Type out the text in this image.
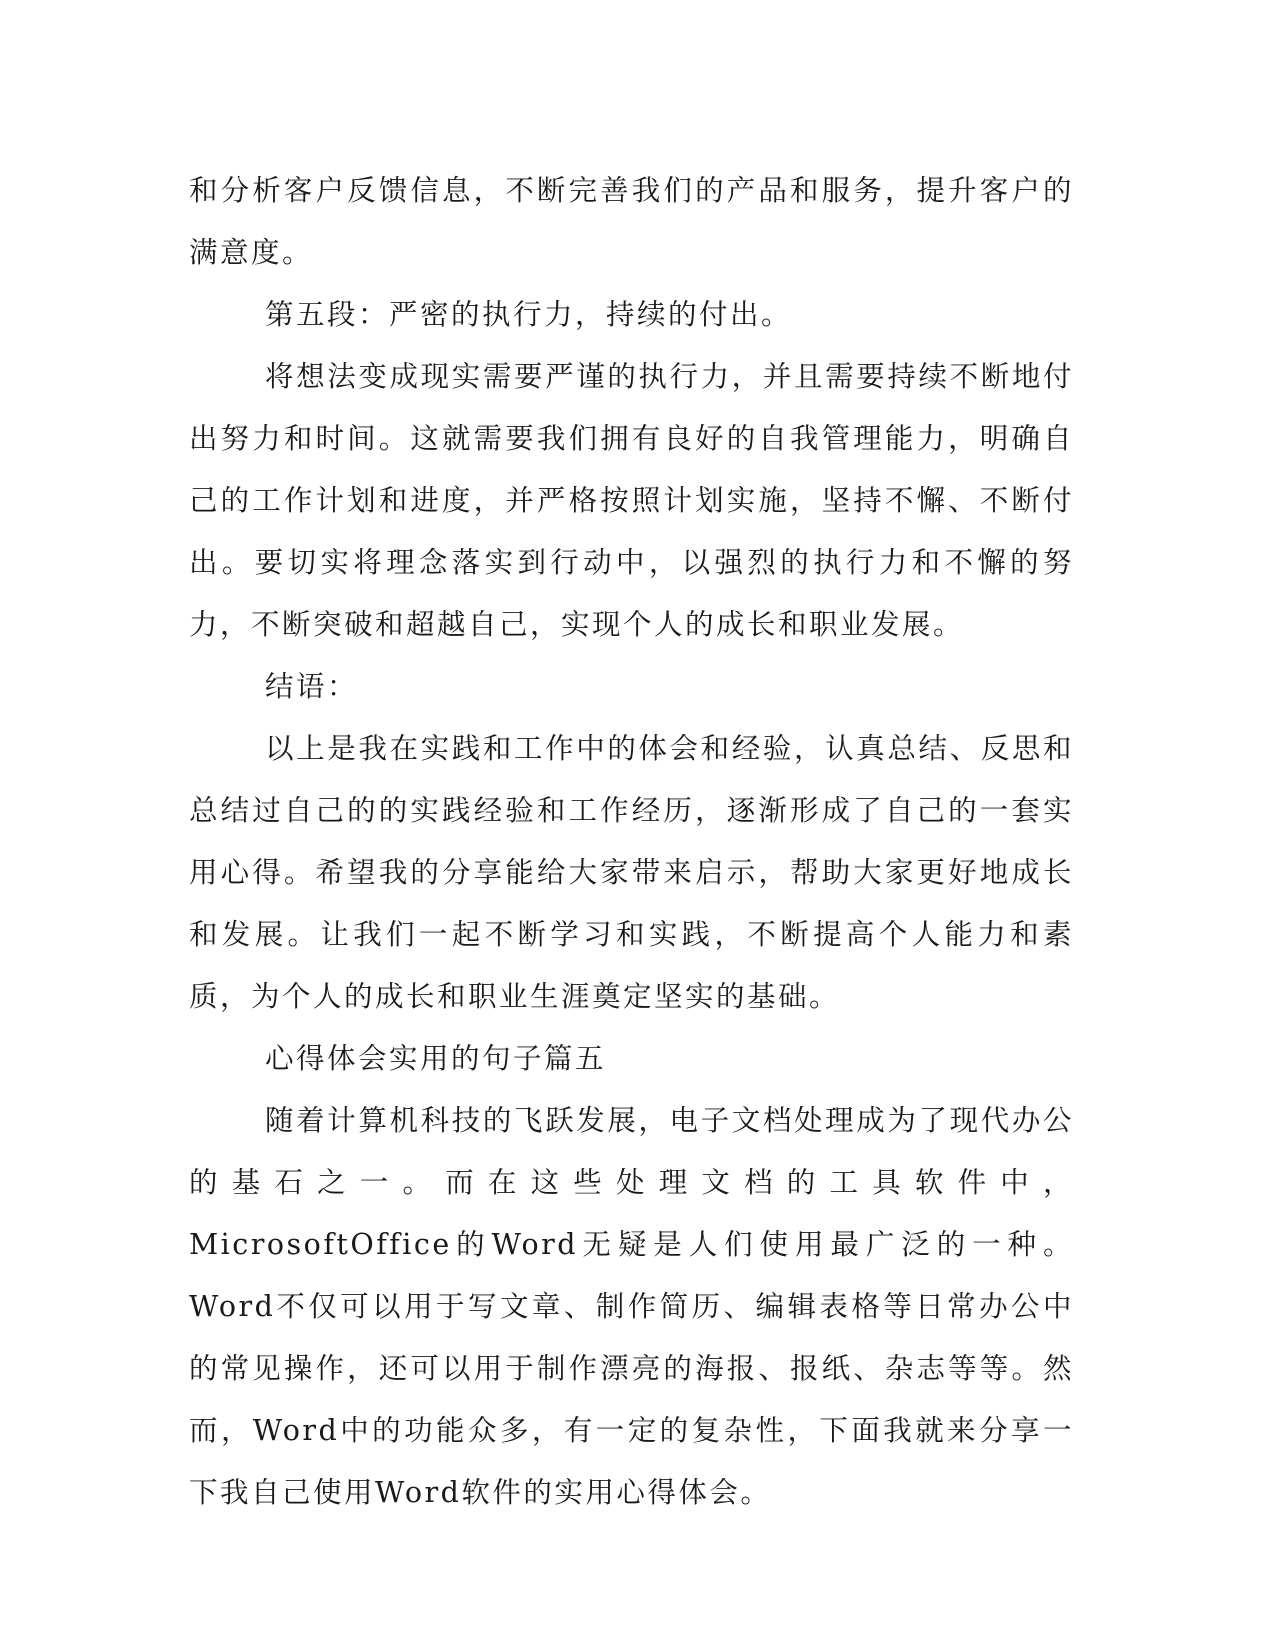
和分析客户反馈信息，不断完善我们的产品和服务，提升客户的满意度。

第五段：严密的执行力，持续的付出。

将想法变成现实需要严谨的执行力，并且需要持续不断地付出努力和时间。这就需要我们拥有良好的自我管理能力，明确自己的工作计划和进度，并严格按照计划实施，坚持不懈、不断付出。要切实将理念落实到行动中，以强烈的执行力和不懈的努力，不断突破和超越自己，实现个人的成长和职业发展。

结语：

以上是我在实践和工作中的体会和经验，认真总结、反思和总结过自己的的实践经验和工作经历，逐渐形成了自己的一套实用心得。希望我的分享能给大家带来启示，帮助大家更好地成长和发展。让我们一起不断学习和实践，不断提高个人能力和素质，为个人的成长和职业生涯奠定坚实的基础。

心得体会实用的句子篇五

随着计算机科技的飞跃发展，电子文档处理成为了现代办公的基石之一。而在这些处理文档的工具软件中，MicrosoftOffice的Word无疑是人们使用最广泛的一种。Word不仅可以用于写文章、制作简历、编辑表格等日常办公中的常见操作，还可以用于制作漂亮的海报、报纸、杂志等等。然而，Word中的功能众多，有一定的复杂性，下面我就来分享一下我自己使用Word软件的实用心得体会。
